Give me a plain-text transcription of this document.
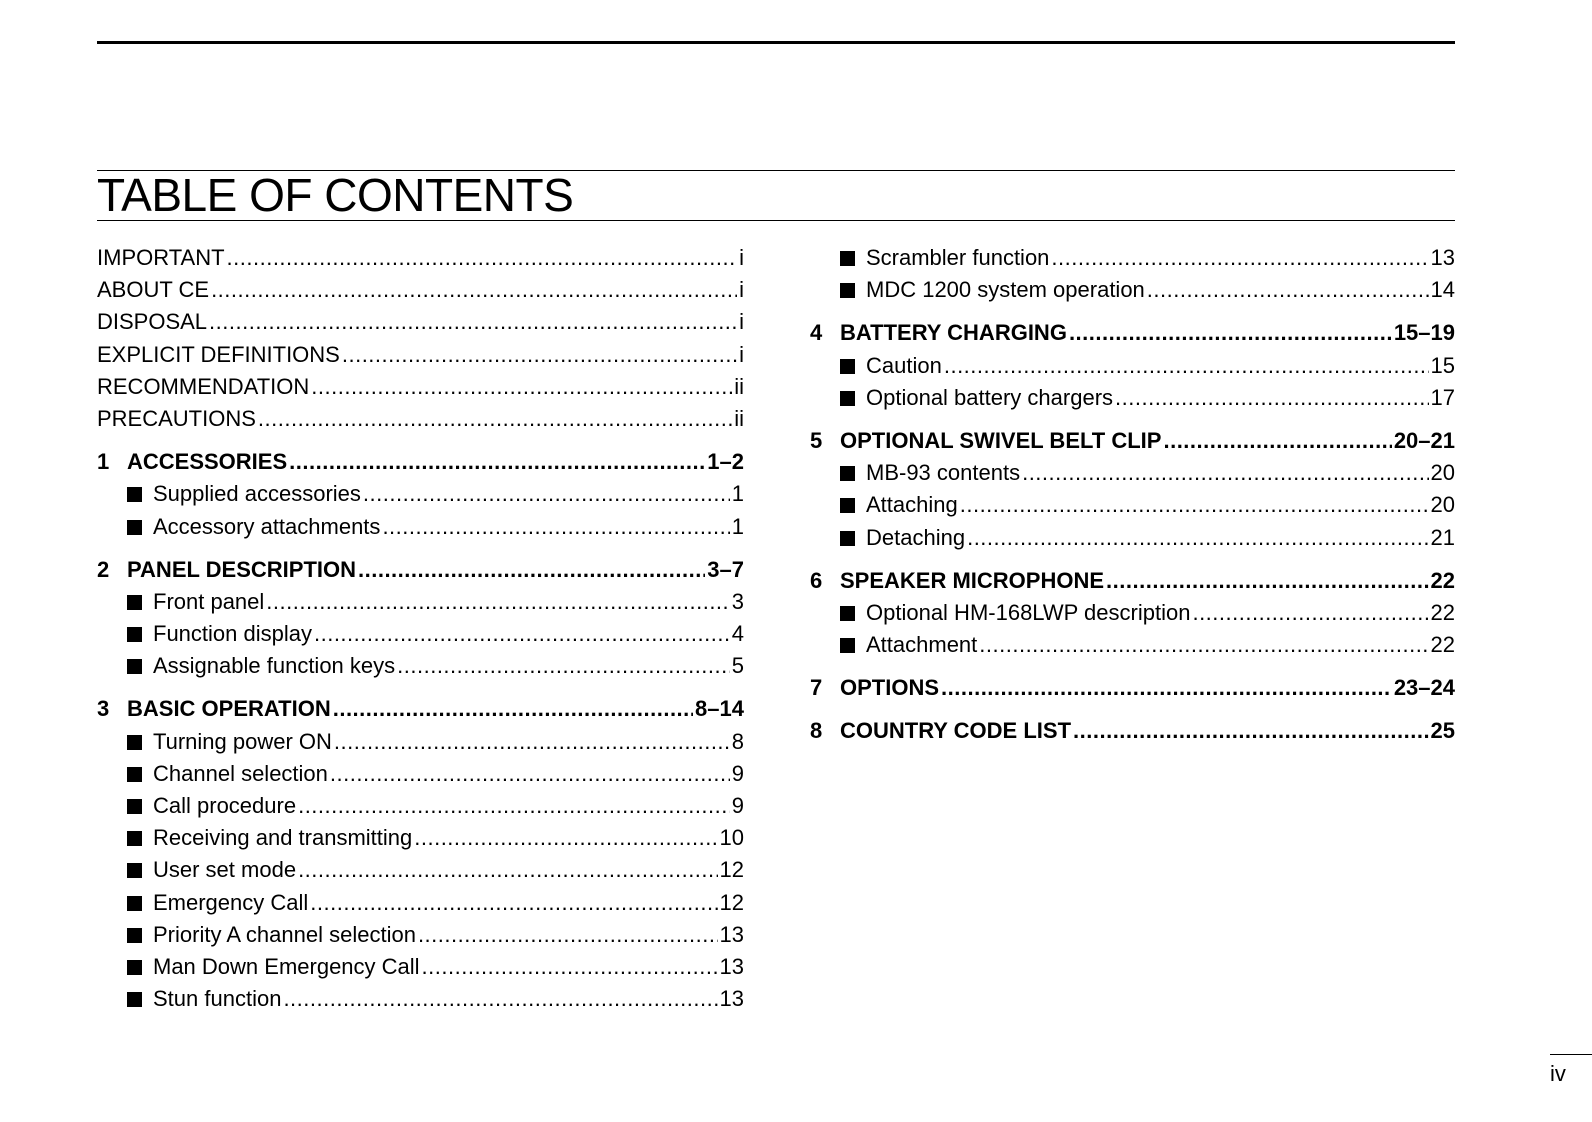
TABLE OF CONTENTS
IMPORTANT .....	i
ABOUT CE .....	i
DISPOSAL .....	i
EXPLICIT DEFINITIONS .....	i
RECOMMENDATION .....	ii
PRECAUTIONS .....	ii
1 ACCESSORIES .....	1–2
Supplied accessories .....	1
Accessory attachments .....	1
2 PANEL DESCRIPTION .....	3–7
Front panel .....	3
Function display .....	4
Assignable function keys .....	5
3 BASIC OPERATION .....	8–14
Turning power ON .....	8
Channel selection .....	9
Call procedure .....	9
Receiving and transmitting .....	10
User set mode .....	12
Emergency Call .....	12
Priority A channel selection .....	13
Man Down Emergency Call .....	13
Stun function .....	13
Scrambler function .....	13
MDC 1200 system operation .....	14
4 BATTERY CHARGING .....	15–19
Caution .....	15
Optional battery chargers .....	17
5 OPTIONAL SWIVEL BELT CLIP .....	20–21
MB-93 contents .....	20
Attaching .....	20
Detaching .....	21
6 SPEAKER MICROPHONE .....	22
Optional HM-168LWP description .....	22
Attachment .....	22
7 OPTIONS .....	23–24
8 COUNTRY CODE LIST .....	25
iv
